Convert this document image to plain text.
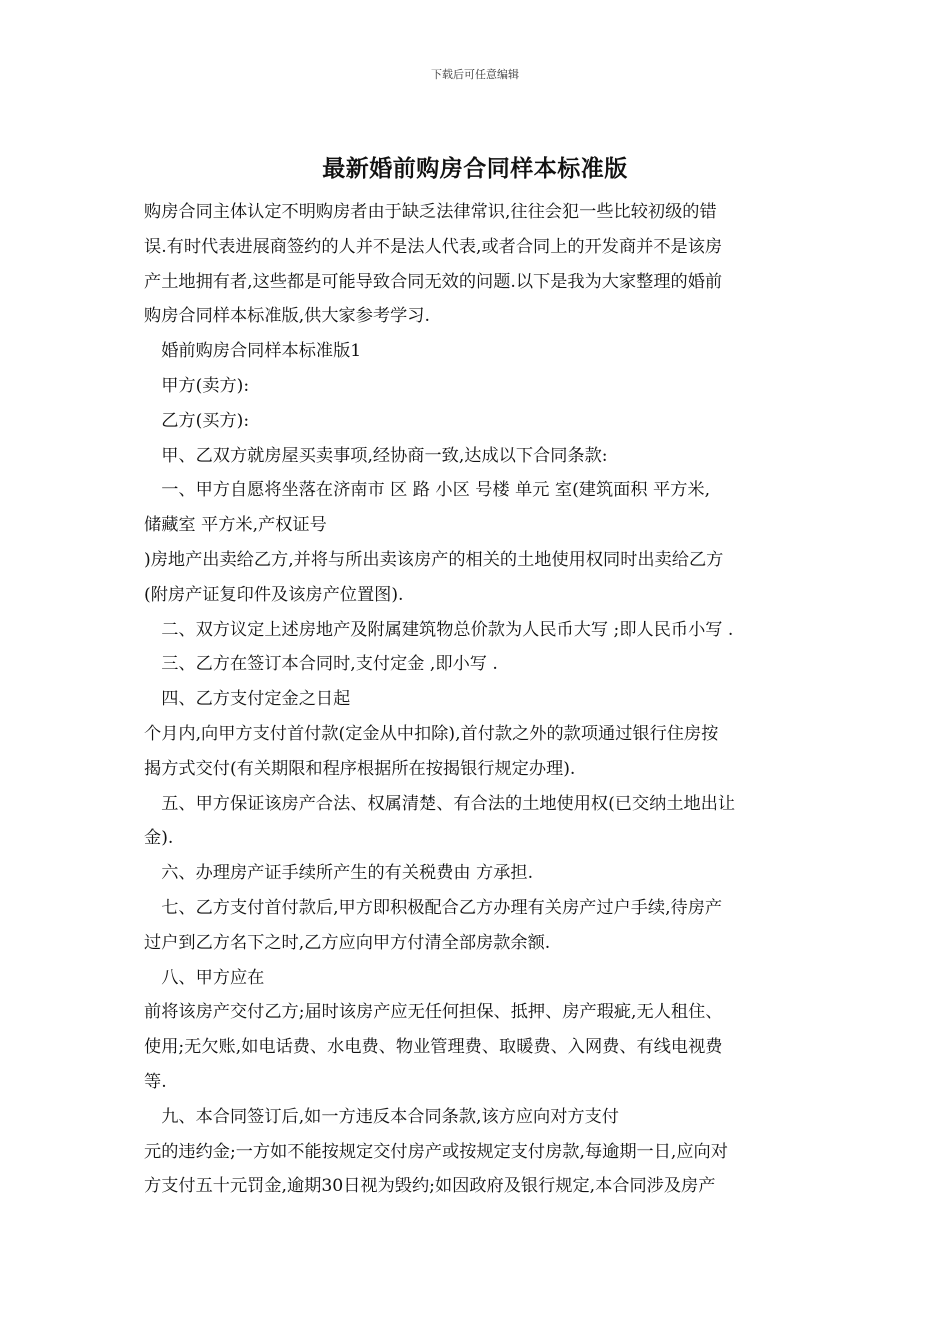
下载后可任意编辑
最新婚前购房合同样本标准版

购房合同主体认定不明购房者由于缺乏法律常识,往往会犯一些比较初级的错
误.有时代表进展商签约的人并不是法人代表,或者合同上的开发商并不是该房
产土地拥有者,这些都是可能导致合同无效的问题.以下是我为大家整理的婚前
购房合同样本标准版,供大家参考学习.

　婚前购房合同样本标准版1

　甲方(卖方):

　乙方(买方):

　甲、乙双方就房屋买卖事项,经协商一致,达成以下合同条款:

　一、甲方自愿将坐落在济南市 区 路 小区 号楼 单元 室(建筑面积 平方米,
储藏室 平方米,产权证号

)房地产出卖给乙方,并将与所出卖该房产的相关的土地使用权同时出卖给乙方
(附房产证复印件及该房产位置图).

　二、双方议定上述房地产及附属建筑物总价款为人民币大写 ;即人民币小写 .

　三、乙方在签订本合同时,支付定金 ,即小写 .

　四、乙方支付定金之日起

个月内,向甲方支付首付款(定金从中扣除),首付款之外的款项通过银行住房按
揭方式交付(有关期限和程序根据所在按揭银行规定办理).

　五、甲方保证该房产合法、权属清楚、有合法的土地使用权(已交纳土地出让
金).

　六、办理房产证手续所产生的有关税费由 方承担.

　七、乙方支付首付款后,甲方即积极配合乙方办理有关房产过户手续,待房产
过户到乙方名下之时,乙方应向甲方付清全部房款余额.

　八、甲方应在

前将该房产交付乙方;届时该房产应无任何担保、抵押、房产瑕疵,无人租住、
使用;无欠账,如电话费、水电费、物业管理费、取暖费、入网费、有线电视费
等.

　九、本合同签订后,如一方违反本合同条款,该方应向对方支付

元的违约金;一方如不能按规定交付房产或按规定支付房款,每逾期一日,应向对
方支付五十元罚金,逾期30日视为毁约;如因政府及银行规定,本合同涉及房产
